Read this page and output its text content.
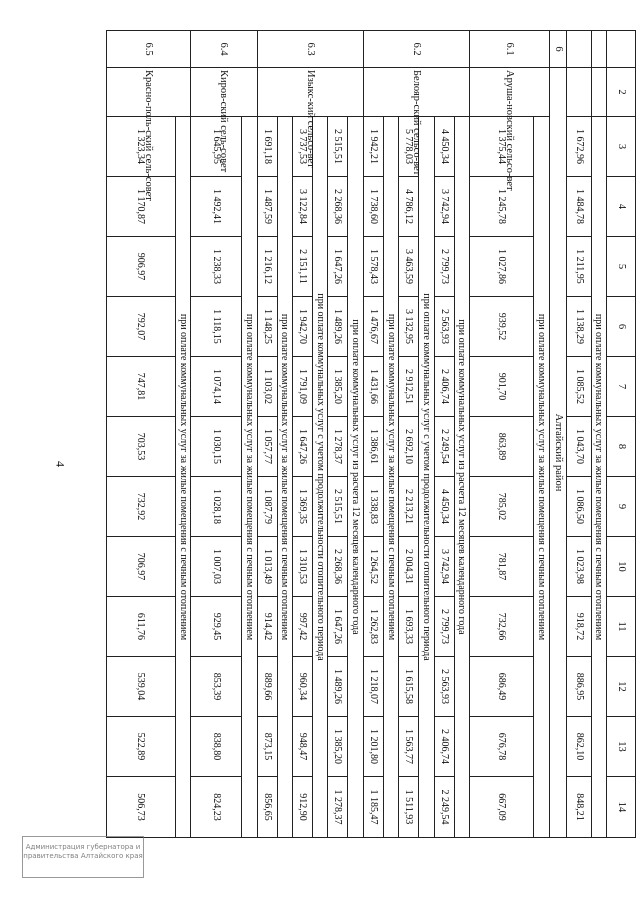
4
	2	3	4	5	6	7	8	9	10	11	12	13	14
		при оплате коммунальных услуг за жилые помещения с печным отоплением											
		1 672,96	1 484,78	1 211,95	1 138,29	1 085,52	1 043,70	1 086,50	1 023,98	918,72	886,95	862,10	848,21
6	Алтайский район												
6.1	Аруша-новский сельсо-вет	при оплате коммунальных услуг за жилые помещения с печным отоплением											
		1 375,44	1 245,78	1 027,86	939,52	901,70	863,89	785,02	781,87	732,66	686,49	676,78	667,09
6.2	Белояр-ский сельсо-вет	при оплате коммунальных услуг из расчета 12 месяцев календарного года											
		4 450,34	3 742,94	2 799,73	2 563,93	2 406,74	2 249,54	4 450,34	3 742,94	2 799,73	2 563,93	2 406,74	2 249,54
		при оплате коммунальных услуг с учетом продолжительности отопительного периода											
		5 778,03	4 786,12	3 463,59	3 132,95	2 912,51	2 692,10	2 213,21	2 004,31	1 693,33	1 615,58	1 563,77	1 511,93
		при оплате коммунальных услуг за жилые помещения с печным отоплением											
		1 942,21	1 738,60	1 578,43	1 476,67	1 431,66	1 386,61	1 338,83	1 264,52	1 262,83	1 218,07	1 201,80	1 185,47
6.3	Изыкс-кий сельсо-вет	при оплате коммунальных услуг из расчета 12 месяцев календарного года											
		2 515,51	2 268,36	1 647,26	1 489,26	1 385,20	1 278,37	2 515,51	2 268,36	1 647,26	1 489,26	1 385,20	1 278,37
		при оплате коммунальных услуг с учетом продолжительности отопительного периода											
		3 737,53	3 122,84	2 151,11	1 942,70	1 791,09	1 647,26	1 369,35	1 310,53	997,42	960,34	948,47	912,90
		при оплате коммунальных услуг за жилые помещения с печным отоплением											
		1 691,18	1 487,59	1 216,12	1 148,25	1 103,02	1 057,77	1 087,79	1 013,49	914,42	889,66	873,15	856,65
6.4	Киров-ский сель-совет	при оплате коммунальных услуг за жилые помещения с печным отоплением											
		1 645,95	1 492,41	1 238,33	1 118,15	1 074,14	1 030,15	1 028,18	1 007,03	929,45	853,39	838,80	824,23
6.5	Красно-поль-ский сель-совет	при оплате коммунальных услуг за жилые помещения с печным отоплением											
		1 323,34	1 170,87	906,97	792,07	747,81	703,53	732,92	706,97	611,76	539,04	522,89	506,73
Администрация губернатора и правительства Алтайского края
